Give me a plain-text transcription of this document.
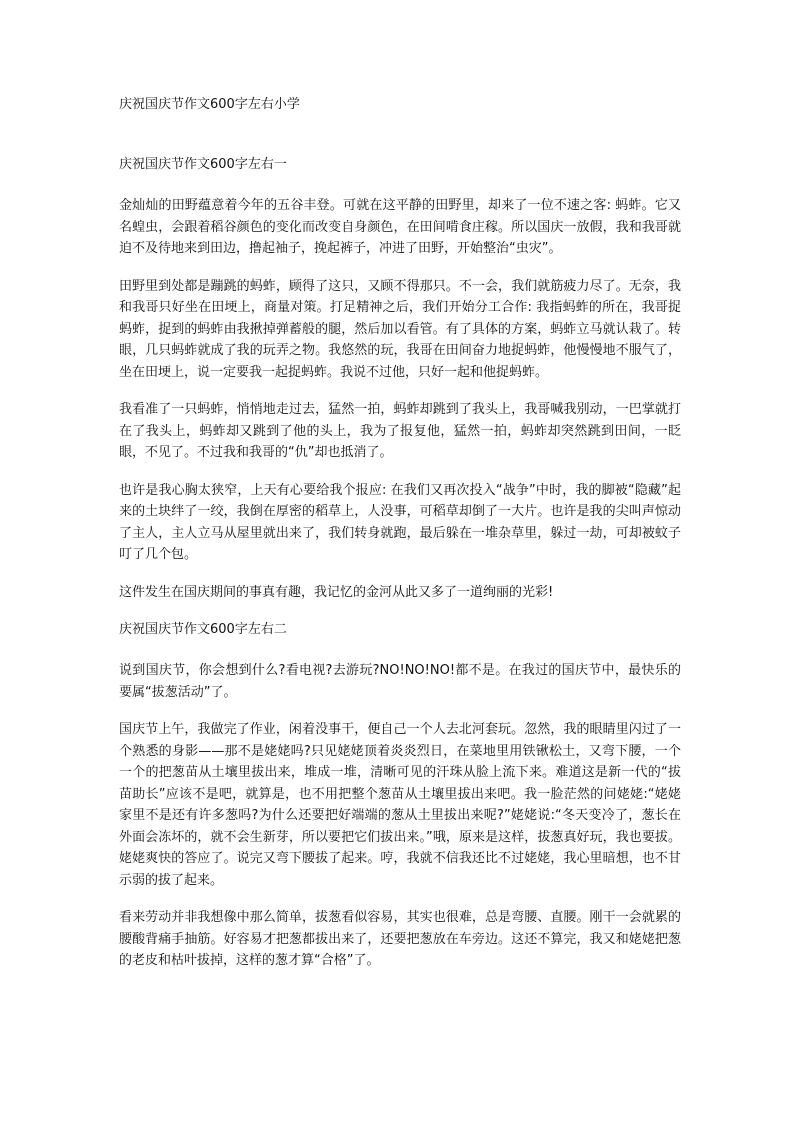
庆祝国庆节作文600字左右小学
庆祝国庆节作文600字左右一

金灿灿的田野蕴意着今年的五谷丰登。可就在这平静的田野里，却来了一位不速之客: 蚂蚱。它又名蝗虫，会跟着稻谷颜色的变化而改变自身颜色，在田间啃食庄稼。所以国庆一放假，我和我哥就迫不及待地来到田边，撸起袖子，挽起裤子，冲进了田野，开始整治“虫灾”。

田野里到处都是蹦跳的蚂蚱，顾得了这只，又顾不得那只。不一会，我们就筋疲力尽了。无奈，我和我哥只好坐在田埂上，商量对策。打足精神之后，我们开始分工合作: 我指蚂蚱的所在，我哥捉蚂蚱，捉到的蚂蚱由我揪掉弹蓄般的腿，然后加以看管。有了具体的方案，蚂蚱立马就认栽了。转眼，几只蚂蚱就成了我的玩弄之物。我悠然的玩，我哥在田间奋力地捉蚂蚱，他慢慢地不服气了，坐在田埂上，说一定要我一起捉蚂蚱。我说不过他，只好一起和他捉蚂蚱。

我看准了一只蚂蚱，悄悄地走过去，猛然一拍，蚂蚱却跳到了我头上，我哥喊我别动，一巴掌就打在了我头上，蚂蚱却又跳到了他的头上，我为了报复他，猛然一拍，蚂蚱却突然跳到田间，一眨眼，不见了。不过我和我哥的“仇”却也抵消了。

也许是我心胸太狭窄，上天有心要给我个报应: 在我们又再次投入“战争”中时，我的脚被“隐藏”起来的土块绊了一绞，我倒在厚密的稻草上，人没事，可稻草却倒了一大片。也许是我的尖叫声惊动了主人，主人立马从屋里就出来了，我们转身就跑，最后躲在一堆杂草里，躲过一劫，可却被蚊子叮了几个包。

这件发生在国庆期间的事真有趣，我记忆的金河从此又多了一道绚丽的光彩!

庆祝国庆节作文600字左右二

说到国庆节，你会想到什么?看电视?去游玩?NO!NO!NO!都不是。在我过的国庆节中，最快乐的要属“拔葱活动”了。

国庆节上午，我做完了作业，闲着没事干，便自己一个人去北河套玩。忽然，我的眼睛里闪过了一个熟悉的身影——那不是姥姥吗?只见姥姥顶着炎炎烈日，在菜地里用铁锹松土，又弯下腰，一个一个的把葱苗从土壤里拔出来，堆成一堆，清晰可见的汗珠从脸上流下来。难道这是新一代的“拔苗助长”应该不是吧，就算是，也不用把整个葱苗从土壤里拔出来吧。我一脸茫然的问姥姥:“姥姥家里不是还有许多葱吗?为什么还要把好端端的葱从土里拔出来呢?”姥姥说:“冬天变冷了，葱长在外面会冻坏的，就不会生新芽，所以要把它们拔出来。”哦，原来是这样，拔葱真好玩，我也要拔。姥姥爽快的答应了。说完又弯下腰拔了起来。哼，我就不信我还比不过姥姥，我心里暗想，也不甘示弱的拔了起来。

看来劳动并非我想像中那么简单，拔葱看似容易，其实也很难，总是弯腰、直腰。刚干一会就累的腰酸背痛手抽筋。好容易才把葱都拔出来了，还要把葱放在车旁边。这还不算完，我又和姥姥把葱的老皮和枯叶拔掉，这样的葱才算“合格”了。
